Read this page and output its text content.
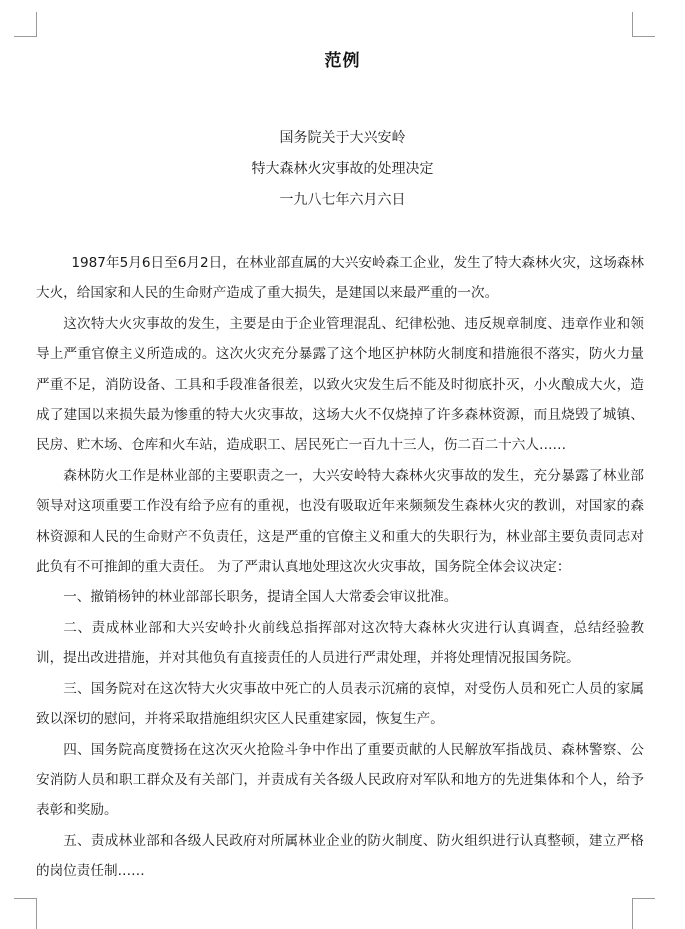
范例
国务院关于大兴安岭
特大森林火灾事故的处理决定
一九八七年六月六日

1987年5月6日至6月2日，在林业部直属的大兴安岭森工企业，发生了特大森林火灾，这场森林大火，给国家和人民的生命财产造成了重大损失，是建国以来最严重的一次。

这次特大火灾事故的发生，主要是由于企业管理混乱、纪律松弛、违反规章制度、违章作业和领导上严重官僚主义所造成的。这次火灾充分暴露了这个地区护林防火制度和措施很不落实，防火力量严重不足，消防设备、工具和手段准备很差，以致火灾发生后不能及时彻底扑灭，小火酿成大火，造成了建国以来损失最为惨重的特大火灾事故，这场大火不仅烧掉了许多森林资源，而且烧毁了城镇、民房、贮木场、仓库和火车站，造成职工、居民死亡一百九十三人，伤二百二十六人……

森林防火工作是林业部的主要职责之一，大兴安岭特大森林火灾事故的发生，充分暴露了林业部领导对这项重要工作没有给予应有的重视，也没有吸取近年来频频发生森林火灾的教训，对国家的森林资源和人民的生命财产不负责任，这是严重的官僚主义和重大的失职行为，林业部主要负责同志对此负有不可推卸的重大责任。 为了严肃认真地处理这次火灾事故，国务院全体会议决定：

一、撤销杨钟的林业部部长职务，提请全国人大常委会审议批准。

二、责成林业部和大兴安岭扑火前线总指挥部对这次特大森林火灾进行认真调查，总结经验教训，提出改进措施，并对其他负有直接责任的人员进行严肃处理，并将处理情况报国务院。

三、国务院对在这次特大火灾事故中死亡的人员表示沉痛的哀悼，对受伤人员和死亡人员的家属致以深切的慰问，并将采取措施组织灾区人民重建家园，恢复生产。

四、国务院高度赞扬在这次灭火抢险斗争中作出了重要贡献的人民解放军指战员、森林警察、公安消防人员和职工群众及有关部门，并责成有关各级人民政府对军队和地方的先进集体和个人，给予表彰和奖励。

五、责成林业部和各级人民政府对所属林业企业的防火制度、防火组织进行认真整顿，建立严格的岗位责任制……
